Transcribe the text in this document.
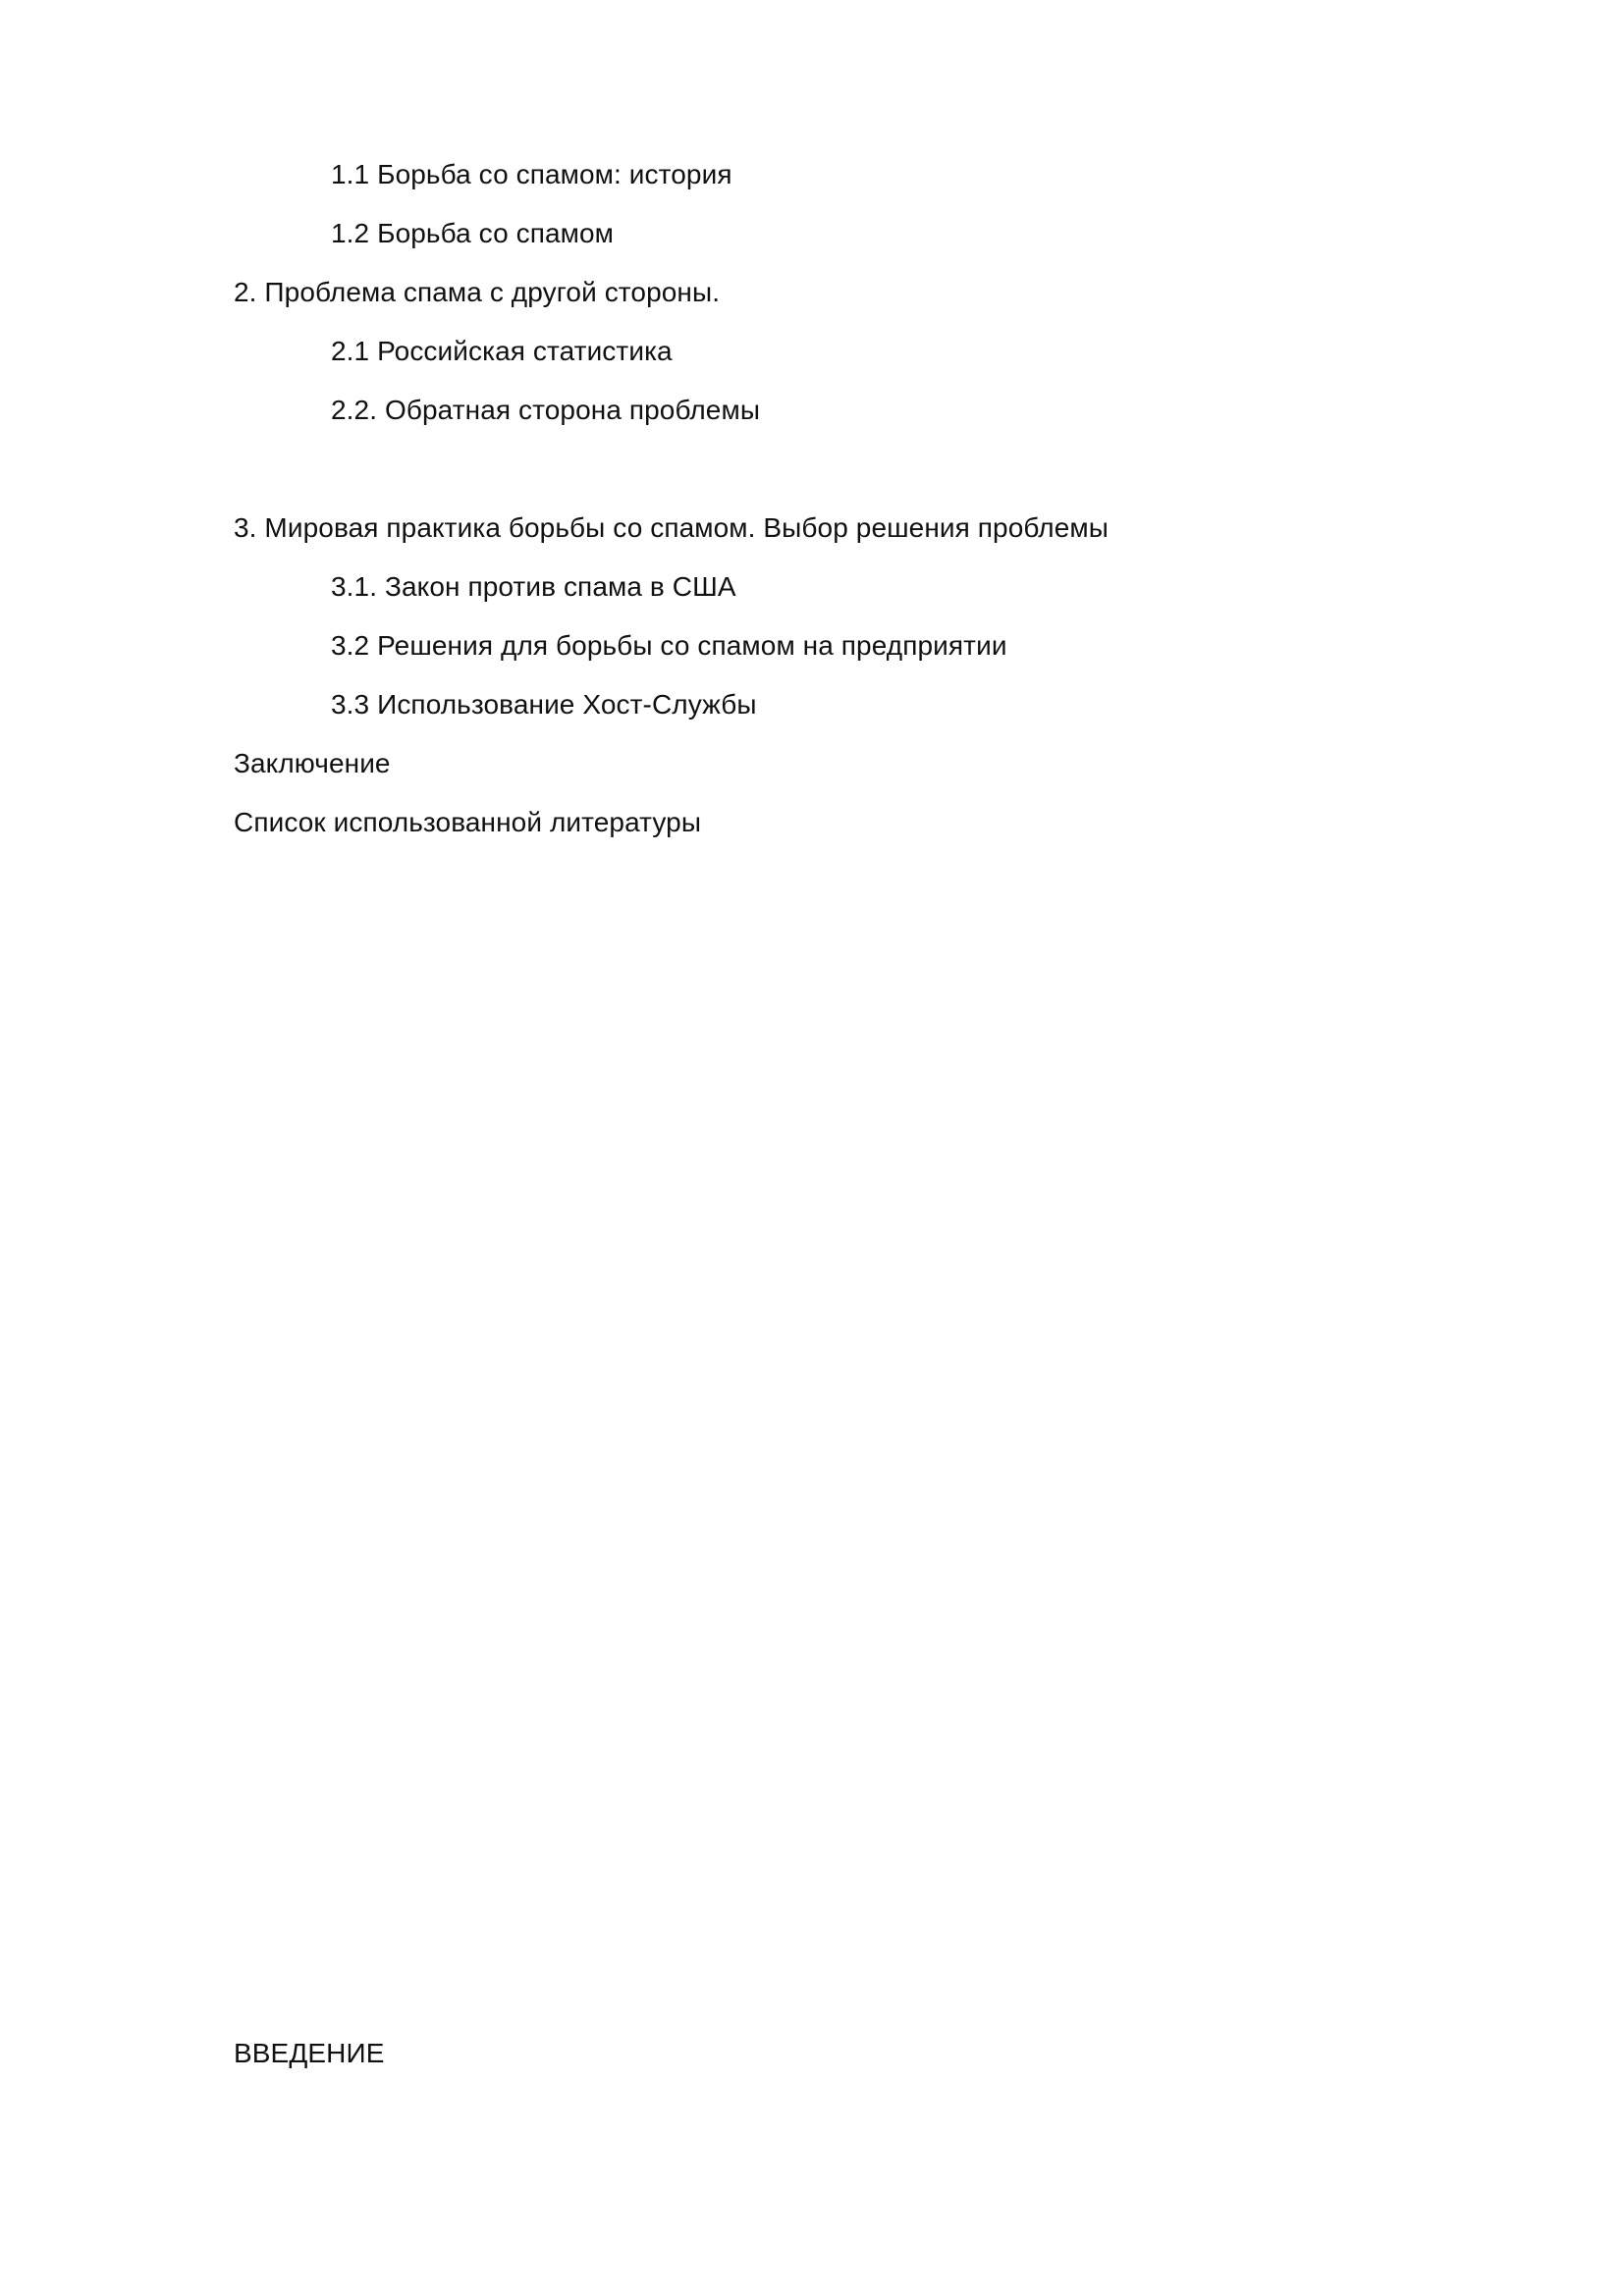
1.1 Борьба со спамом: история
1.2 Борьба со спамом
2. Проблема спама с другой стороны.
2.1 Российская статистика
2.2. Обратная сторона проблемы
3. Мировая практика борьбы со спамом. Выбор решения проблемы
3.1. Закон против спама в США
3.2 Решения для борьбы со спамом на предприятии
3.3 Использование Хост-Службы
Заключение
Список использованной литературы
ВВЕДЕНИЕ
